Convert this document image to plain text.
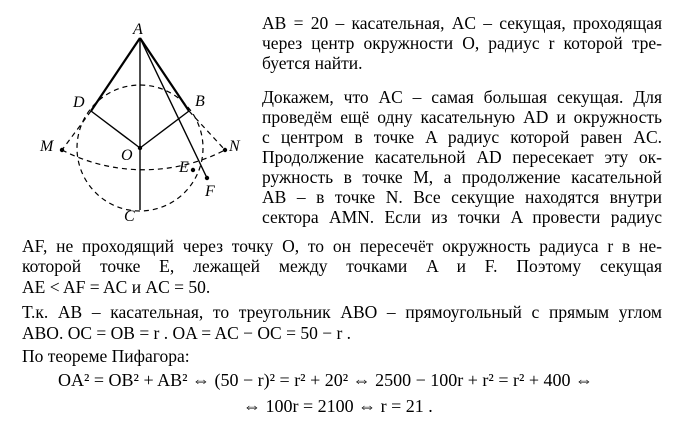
A
D	B
M	N
O
E
F
C
AB = 20 – касательная, AC – секущая, проходящая
через центр окружности O, радиус r которой тре-
буется найти.
Докажем, что AC – самая большая секущая. Для
проведём ещё одну касательную AD и окружность
с центром в точке A радиус которой равен AC.
Продолжение касательной AD пересекает эту ок-
ружность в точке M, а продолжение касательной
AB – в точке N. Все секущие находятся внутри
сектора AMN. Если из точки A провести радиус
AF, не проходящий через точку O, то он пересечёт окружность радиуса r в не-
которой точке E, лежащей между точками A и F. Поэтому секущая
AE < AF = AC и AC = 50.
Т.к. AB – касательная, то треугольник ABO – прямоугольный с прямым углом
ABO. OC = OB = r . OA = AC − OC = 50 − r .
По теореме Пифагора:
OA² = OB² + AB² ⇔ (50 − r)² = r² + 20² ⇔ 2500 − 100r + r² = r² + 400 ⇔
⇔ 100r = 2100 ⇔ r = 21 .
